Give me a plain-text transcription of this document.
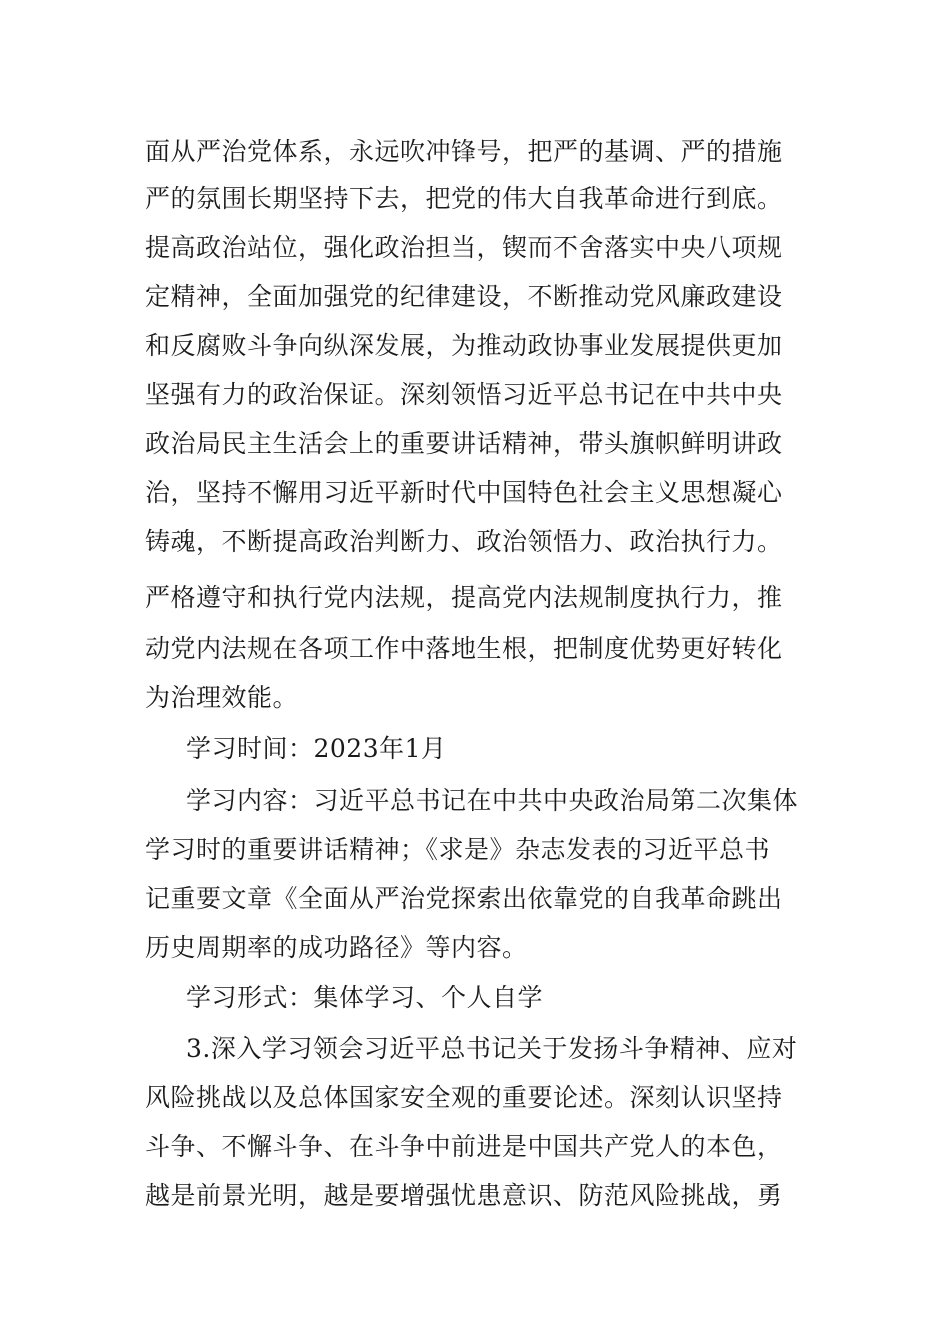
面从严治党体系，永远吹冲锋号，把严的基调、严的措施

严的氛围长期坚持下去，把党的伟大自我革命进行到底。

提高政治站位，强化政治担当，锲而不舍落实中央八项规

定精神，全面加强党的纪律建设，不断推动党风廉政建设

和反腐败斗争向纵深发展，为推动政协事业发展提供更加

坚强有力的政治保证。深刻领悟习近平总书记在中共中央

政治局民主生活会上的重要讲话精神，带头旗帜鲜明讲政

治，坚持不懈用习近平新时代中国特色社会主义思想凝心

铸魂，不断提高政治判断力、政治领悟力、政治执行力。

严格遵守和执行党内法规，提高党内法规制度执行力，推

动党内法规在各项工作中落地生根，把制度优势更好转化

为治理效能。

学习时间：2023年1月

学习内容：习近平总书记在中共中央政治局第二次集体

学习时的重要讲话精神；《求是》杂志发表的习近平总书

记重要文章《全面从严治党探索出依靠党的自我革命跳出

历史周期率的成功路径》等内容。

学习形式：集体学习、个人自学

3.深入学习领会习近平总书记关于发扬斗争精神、应对

风险挑战以及总体国家安全观的重要论述。深刻认识坚持

斗争、不懈斗争、在斗争中前进是中国共产党人的本色，

越是前景光明，越是要增强忧患意识、防范风险挑战，勇
